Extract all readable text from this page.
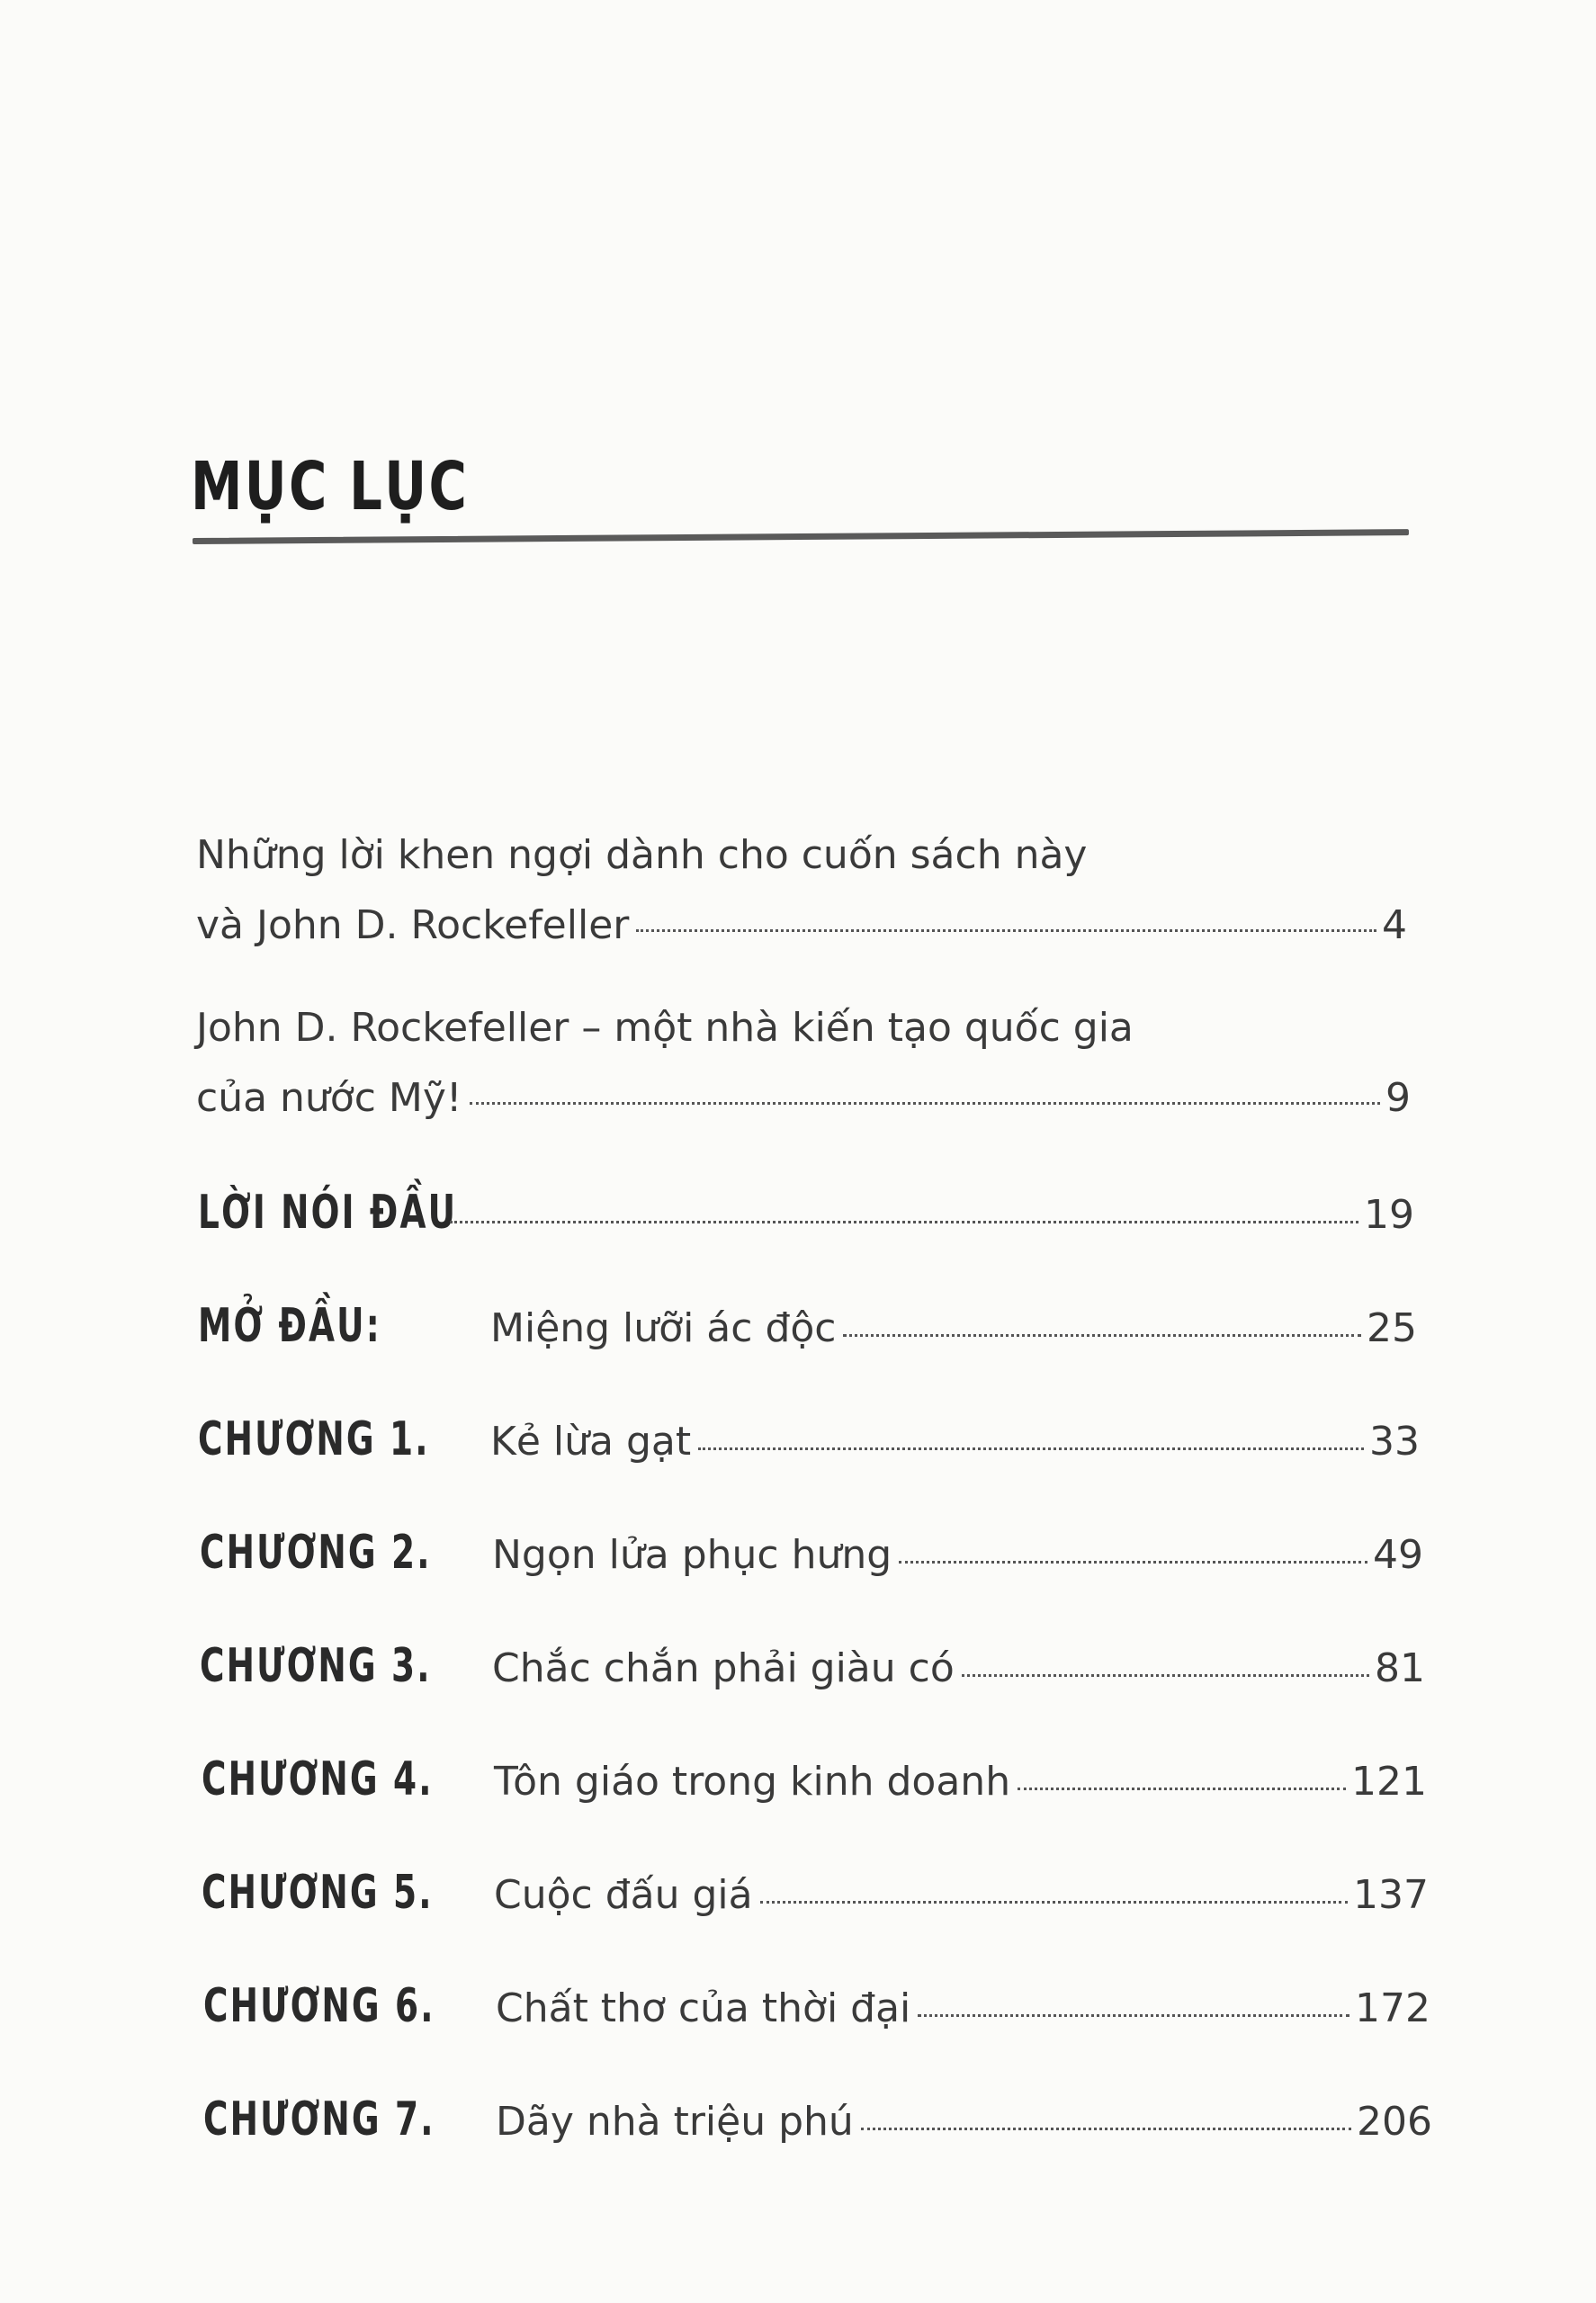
MỤC LỤC
Những lời khen ngợi dành cho cuốn sách này
và John D. Rockefeller	4
John D. Rockefeller – một nhà kiến tạo quốc gia
của nước Mỹ!	9
LỜI NÓI ĐẦU	19
MỞ ĐẦU:	Miệng lưỡi ác độc	25
CHƯƠNG 1.	Kẻ lừa gạt	33
CHƯƠNG 2.	Ngọn lửa phục hưng	49
CHƯƠNG 3.	Chắc chắn phải giàu có	81
CHƯƠNG 4.	Tôn giáo trong kinh doanh	121
CHƯƠNG 5.	Cuộc đấu giá	137
CHƯƠNG 6.	Chất thơ của thời đại	172
CHƯƠNG 7.	Dãy nhà triệu phú	206
